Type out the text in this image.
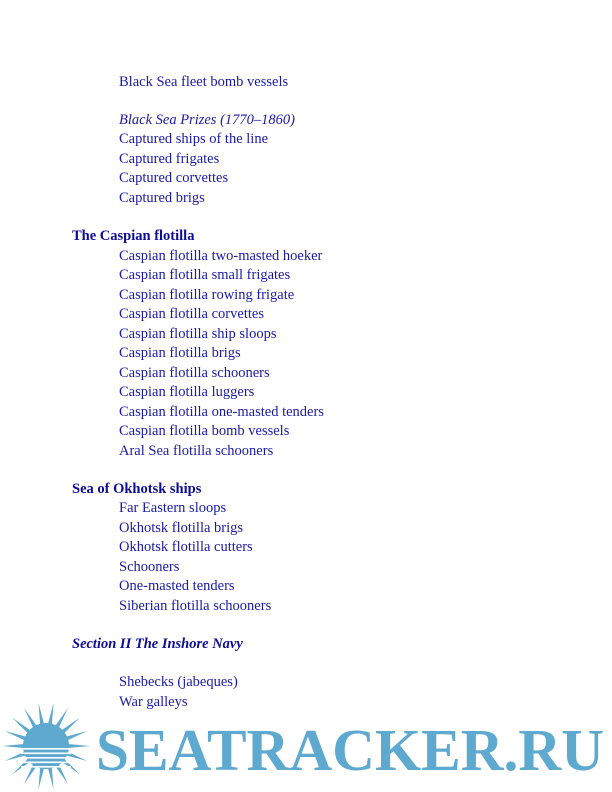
Black Sea fleet bomb vessels
Black Sea Prizes (1770–1860)
Captured ships of the line
Captured frigates
Captured corvettes
Captured brigs
The Caspian flotilla
Caspian flotilla two-masted hoeker
Caspian flotilla small frigates
Caspian flotilla rowing frigate
Caspian flotilla corvettes
Caspian flotilla ship sloops
Caspian flotilla brigs
Caspian flotilla schooners
Caspian flotilla luggers
Caspian flotilla one-masted tenders
Caspian flotilla bomb vessels
Aral Sea flotilla schooners
Sea of Okhotsk ships
Far Eastern sloops
Okhotsk flotilla brigs
Okhotsk flotilla cutters
Schooners
One-masted tenders
Siberian flotilla schooners
Section II The Inshore Navy
Shebecks (jabeques)
War galleys
SEATRACKER.RU
